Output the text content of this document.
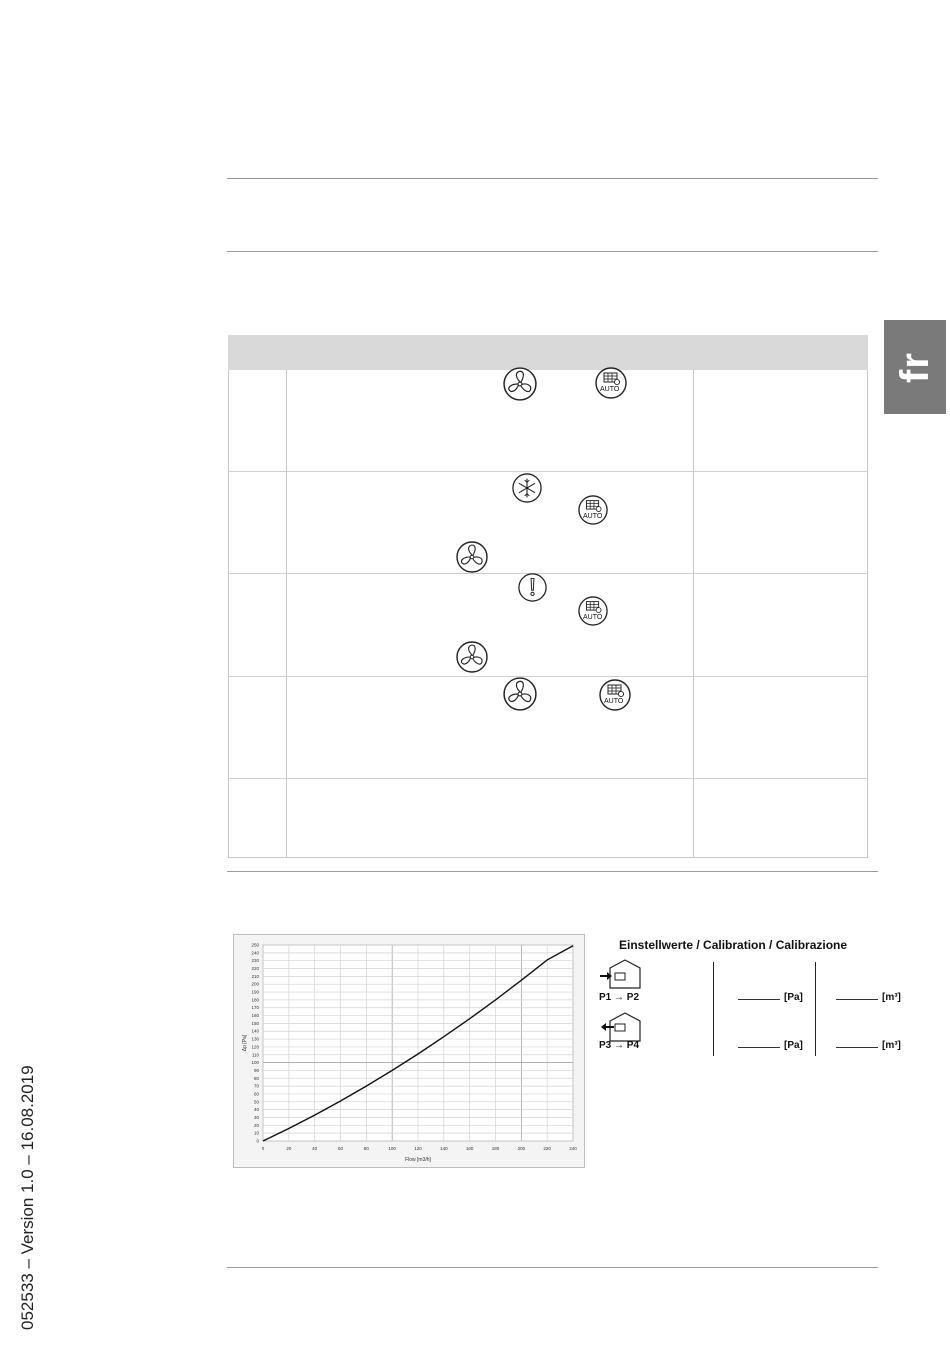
fr
052533 – Version 1.0 – 16.08.2019
AUTO
AUTO
AUTO
AUTO
0	20	40	60	80	100	120	140	160	180	200	220	240
0
10
20
30
40
50
60
70
80
90
100
110
120
130
140
150
160
170
180
190
200
210
220
230
240
250
Flow [m3/h]
Δp [Pa]
Einstellwerte / Calibration / Calibrazione
P1 → P2
P3 → P4
[Pa]	[m³]
[Pa]	[m³]
